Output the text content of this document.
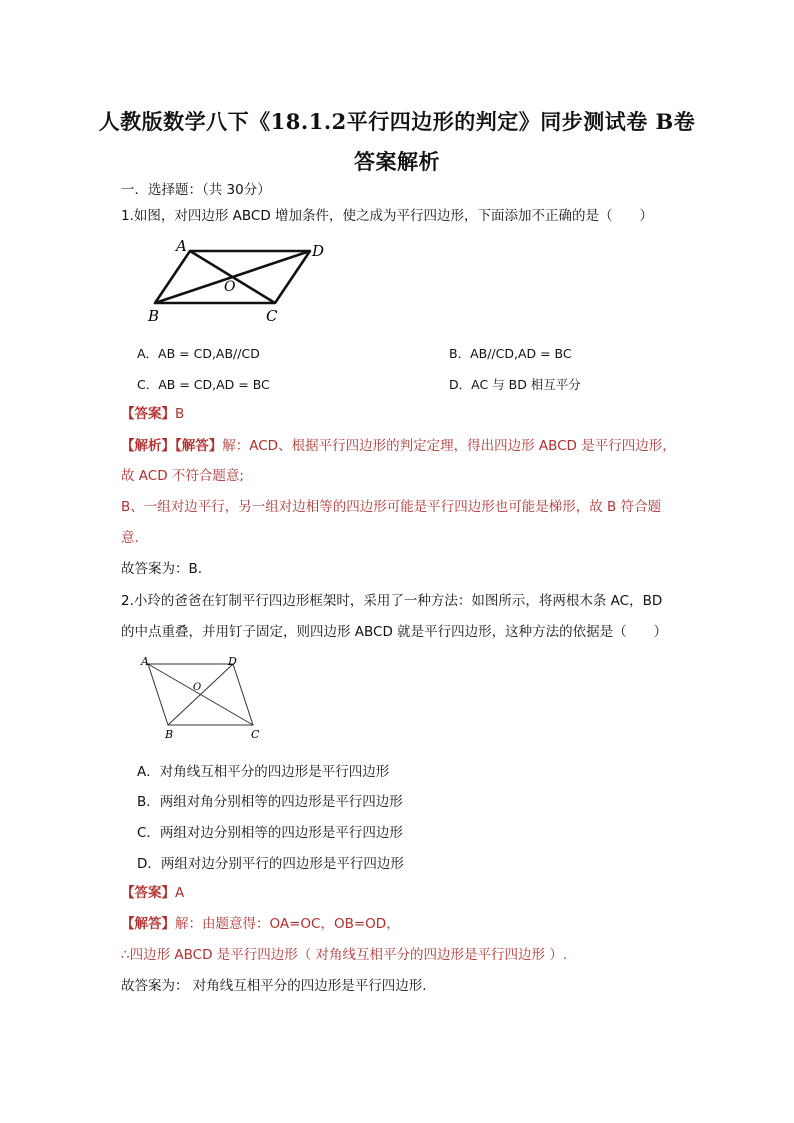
人教版数学八下《18.1.2平行四边形的判定》同步测试卷 B卷
答案解析
一．选择题：（共 30分）
1.如图，对四边形 ABCD 增加条件，使之成为平行四边形，下面添加不正确的是（　　）
A	D
O
B	C
A．AB = CD,AB//CD	B．AB//CD,AD = BC
C．AB = CD,AD = BC	D．AC 与 BD 相互平分
【答案】B
【解析】【解答】解：ACD、根据平行四边形的判定定理，得出四边形 ABCD 是平行四边形，
故 ACD 不符合题意;
B、一组对边平行，另一组对边相等的四边形可能是平行四边形也可能是梯形，故 B 符合题
意.
故答案为：B.
2.小玲的爸爸在钉制平行四边形框架时，采用了一种方法：如图所示，将两根木条 AC，BD
的中点重叠，并用钉子固定，则四边形 ABCD 就是平行四边形，这种方法的依据是（　　）
A	D
O
B	C
A．对角线互相平分的四边形是平行四边形
B．两组对角分别相等的四边形是平行四边形
C．两组对边分别相等的四边形是平行四边形
D．两组对边分别平行的四边形是平行四边形
【答案】A
【解答】解：由题意得：OA=OC，OB=OD，
∴四边形 ABCD 是平行四边形（ 对角线互相平分的四边形是平行四边形 ）.
故答案为： 对角线互相平分的四边形是平行四边形.
